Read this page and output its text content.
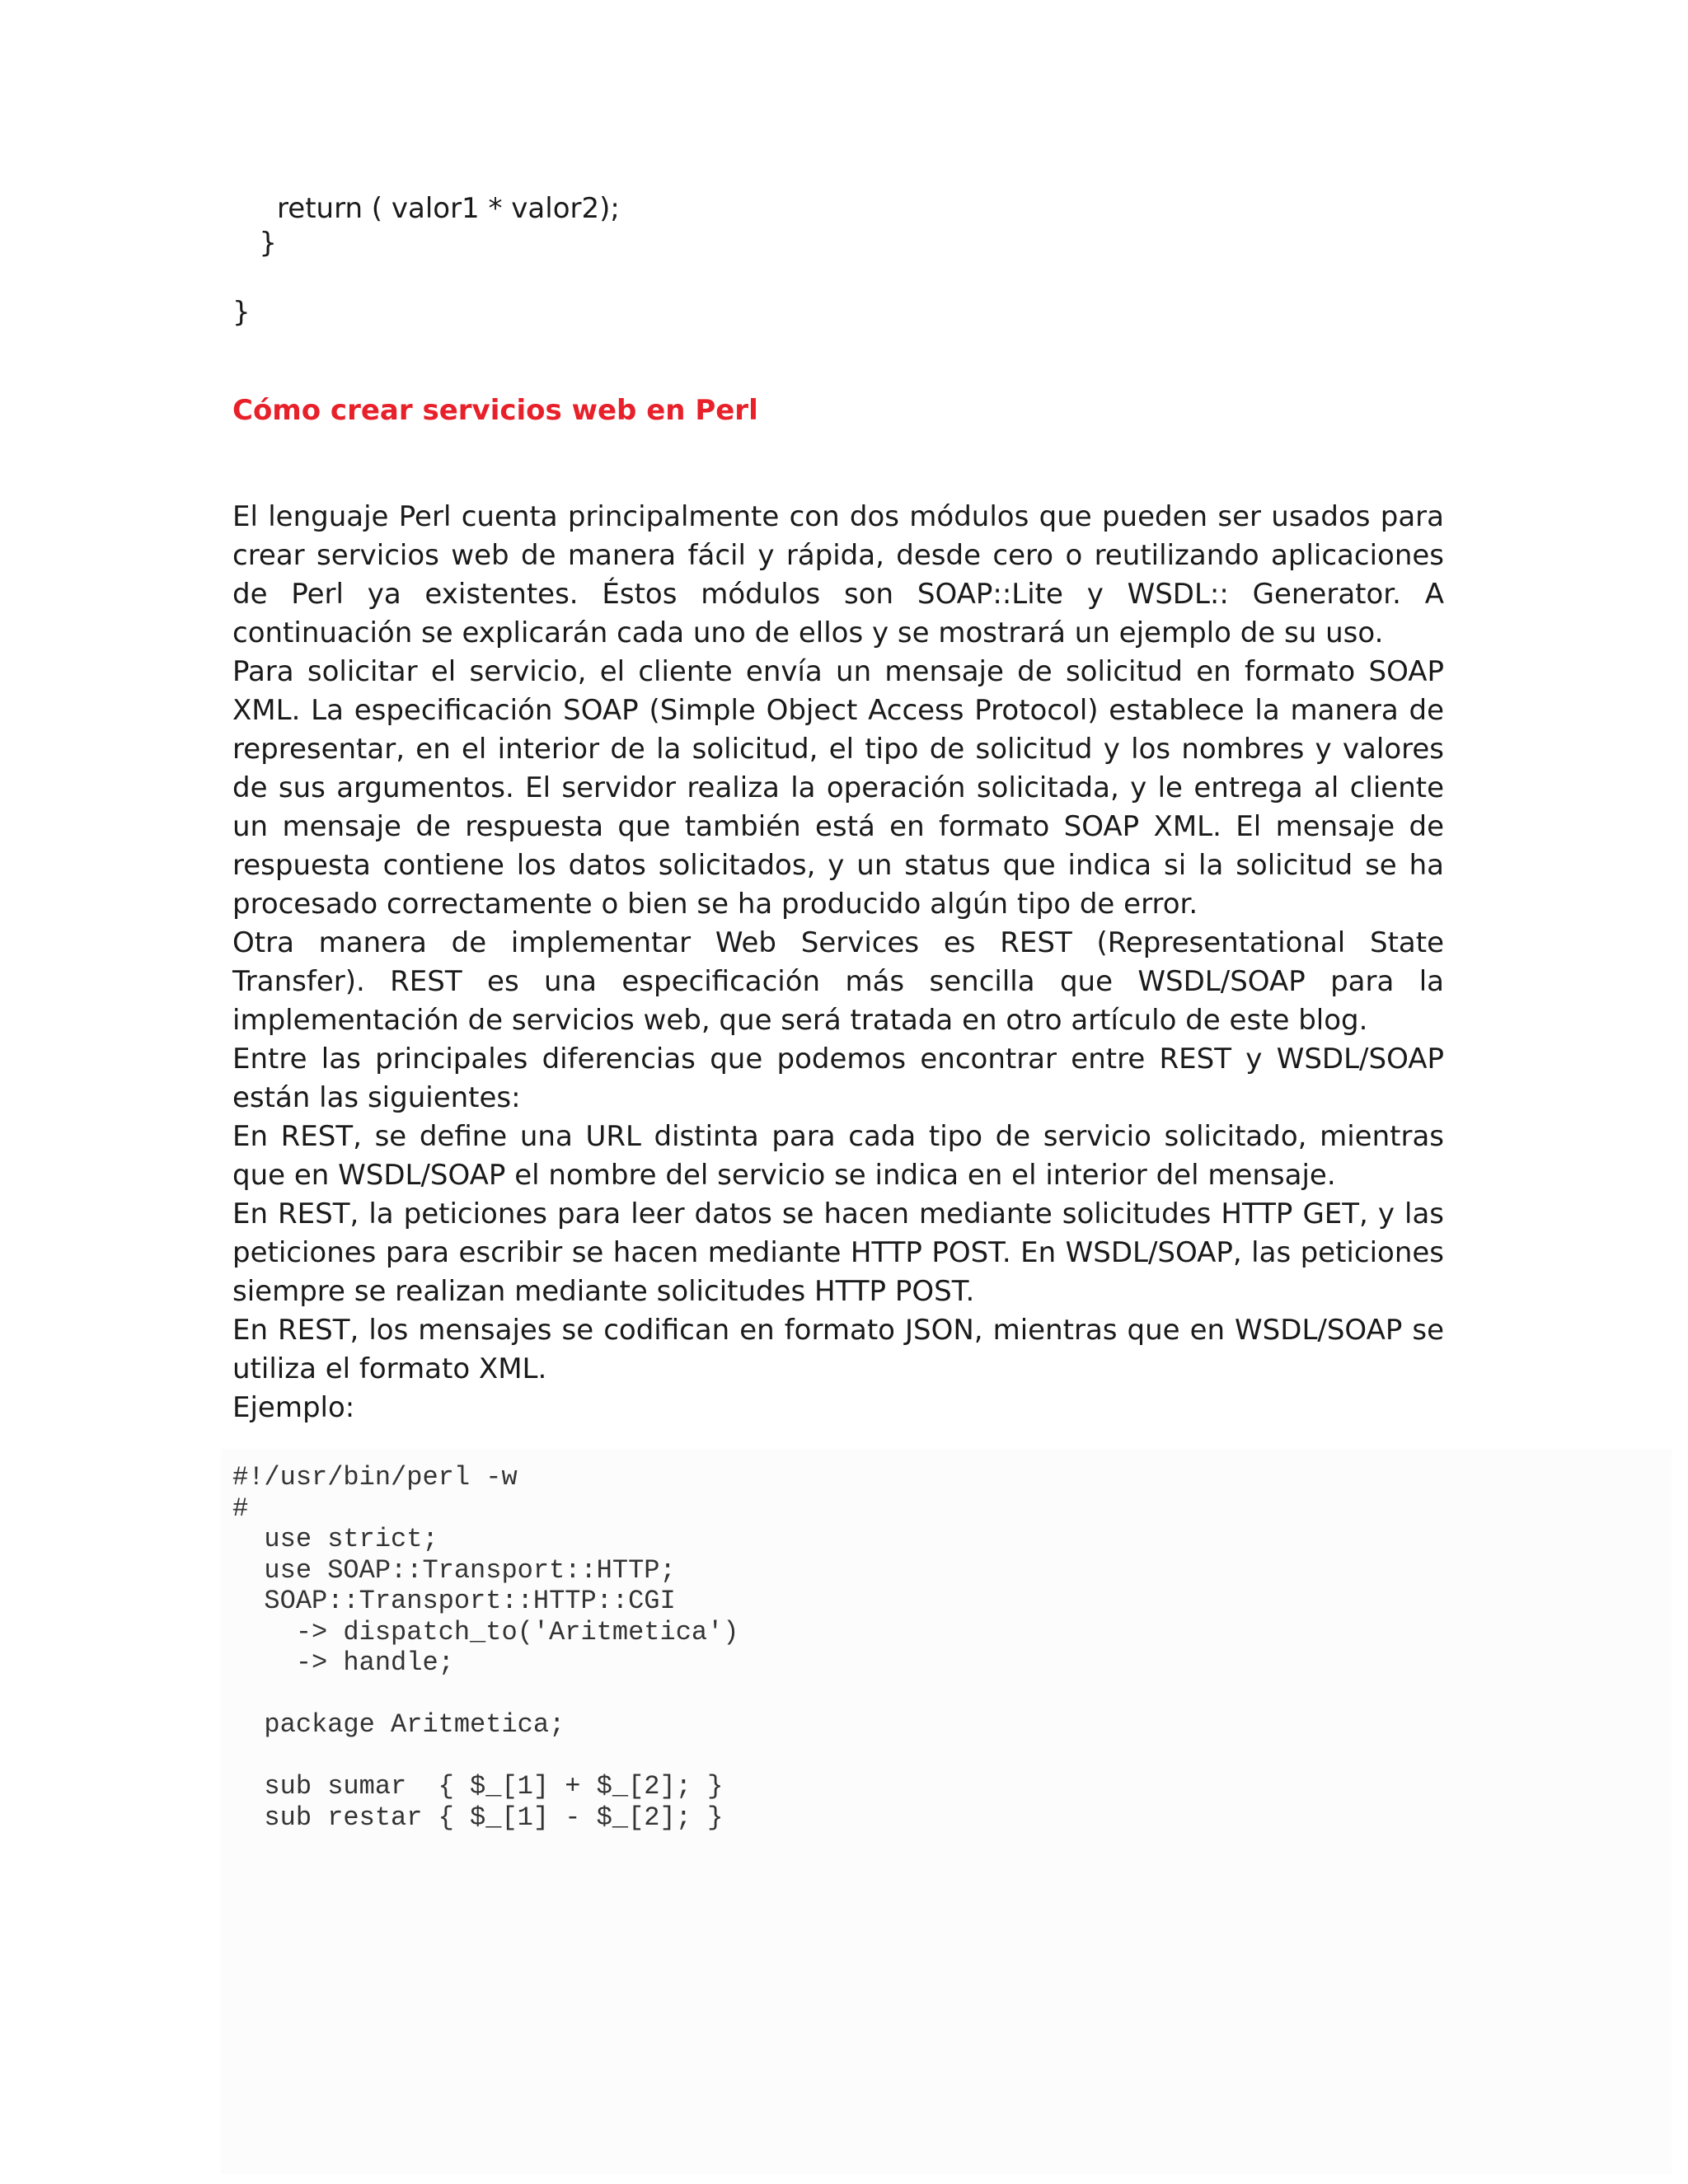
return ( valor1 * valor2);
}

}
Cómo crear servicios web en Perl

El lenguaje Perl cuenta principalmente con dos módulos que pueden ser usados para crear servicios web de manera fácil y rápida, desde cero o reutilizando aplicaciones de Perl ya existentes. Éstos módulos son SOAP::Lite y WSDL:: Generator. A continuación se explicarán cada uno de ellos y se mostrará un ejemplo de su uso.

Para solicitar el servicio, el cliente envía un mensaje de solicitud en formato SOAP XML. La especificación SOAP (Simple Object Access Protocol) establece la manera de representar, en el interior de la solicitud, el tipo de solicitud y los nombres y valores de sus argumentos. El servidor realiza la operación solicitada, y le entrega al cliente un mensaje de respuesta que también está en formato SOAP XML. El mensaje de respuesta contiene los datos solicitados, y un status que indica si la solicitud se ha procesado correctamente o bien se ha producido algún tipo de error.

Otra manera de implementar Web Services es REST (Representational State Transfer). REST es una especificación más sencilla que WSDL/SOAP para la implementación de servicios web, que será tratada en otro artículo de este blog.

Entre las principales diferencias que podemos encontrar entre REST y WSDL/SOAP están las siguientes:

En REST, se define una URL distinta para cada tipo de servicio solicitado, mientras que en WSDL/SOAP el nombre del servicio se indica en el interior del mensaje.

En REST, la peticiones para leer datos se hacen mediante solicitudes HTTP GET, y las peticiones para escribir se hacen mediante HTTP POST. En WSDL/SOAP, las peticiones siempre se realizan mediante solicitudes HTTP POST.

En REST, los mensajes se codifican en formato JSON, mientras que en WSDL/SOAP se utiliza el formato XML.

Ejemplo:

#!/usr/bin/perl -w
#
use strict;
use SOAP::Transport::HTTP;
SOAP::Transport::HTTP::CGI
-> dispatch_to('Aritmetica')
-> handle;

package Aritmetica;

sub sumar  { $_[1] + $_[2]; }
sub restar { $_[1] - $_[2]; }
